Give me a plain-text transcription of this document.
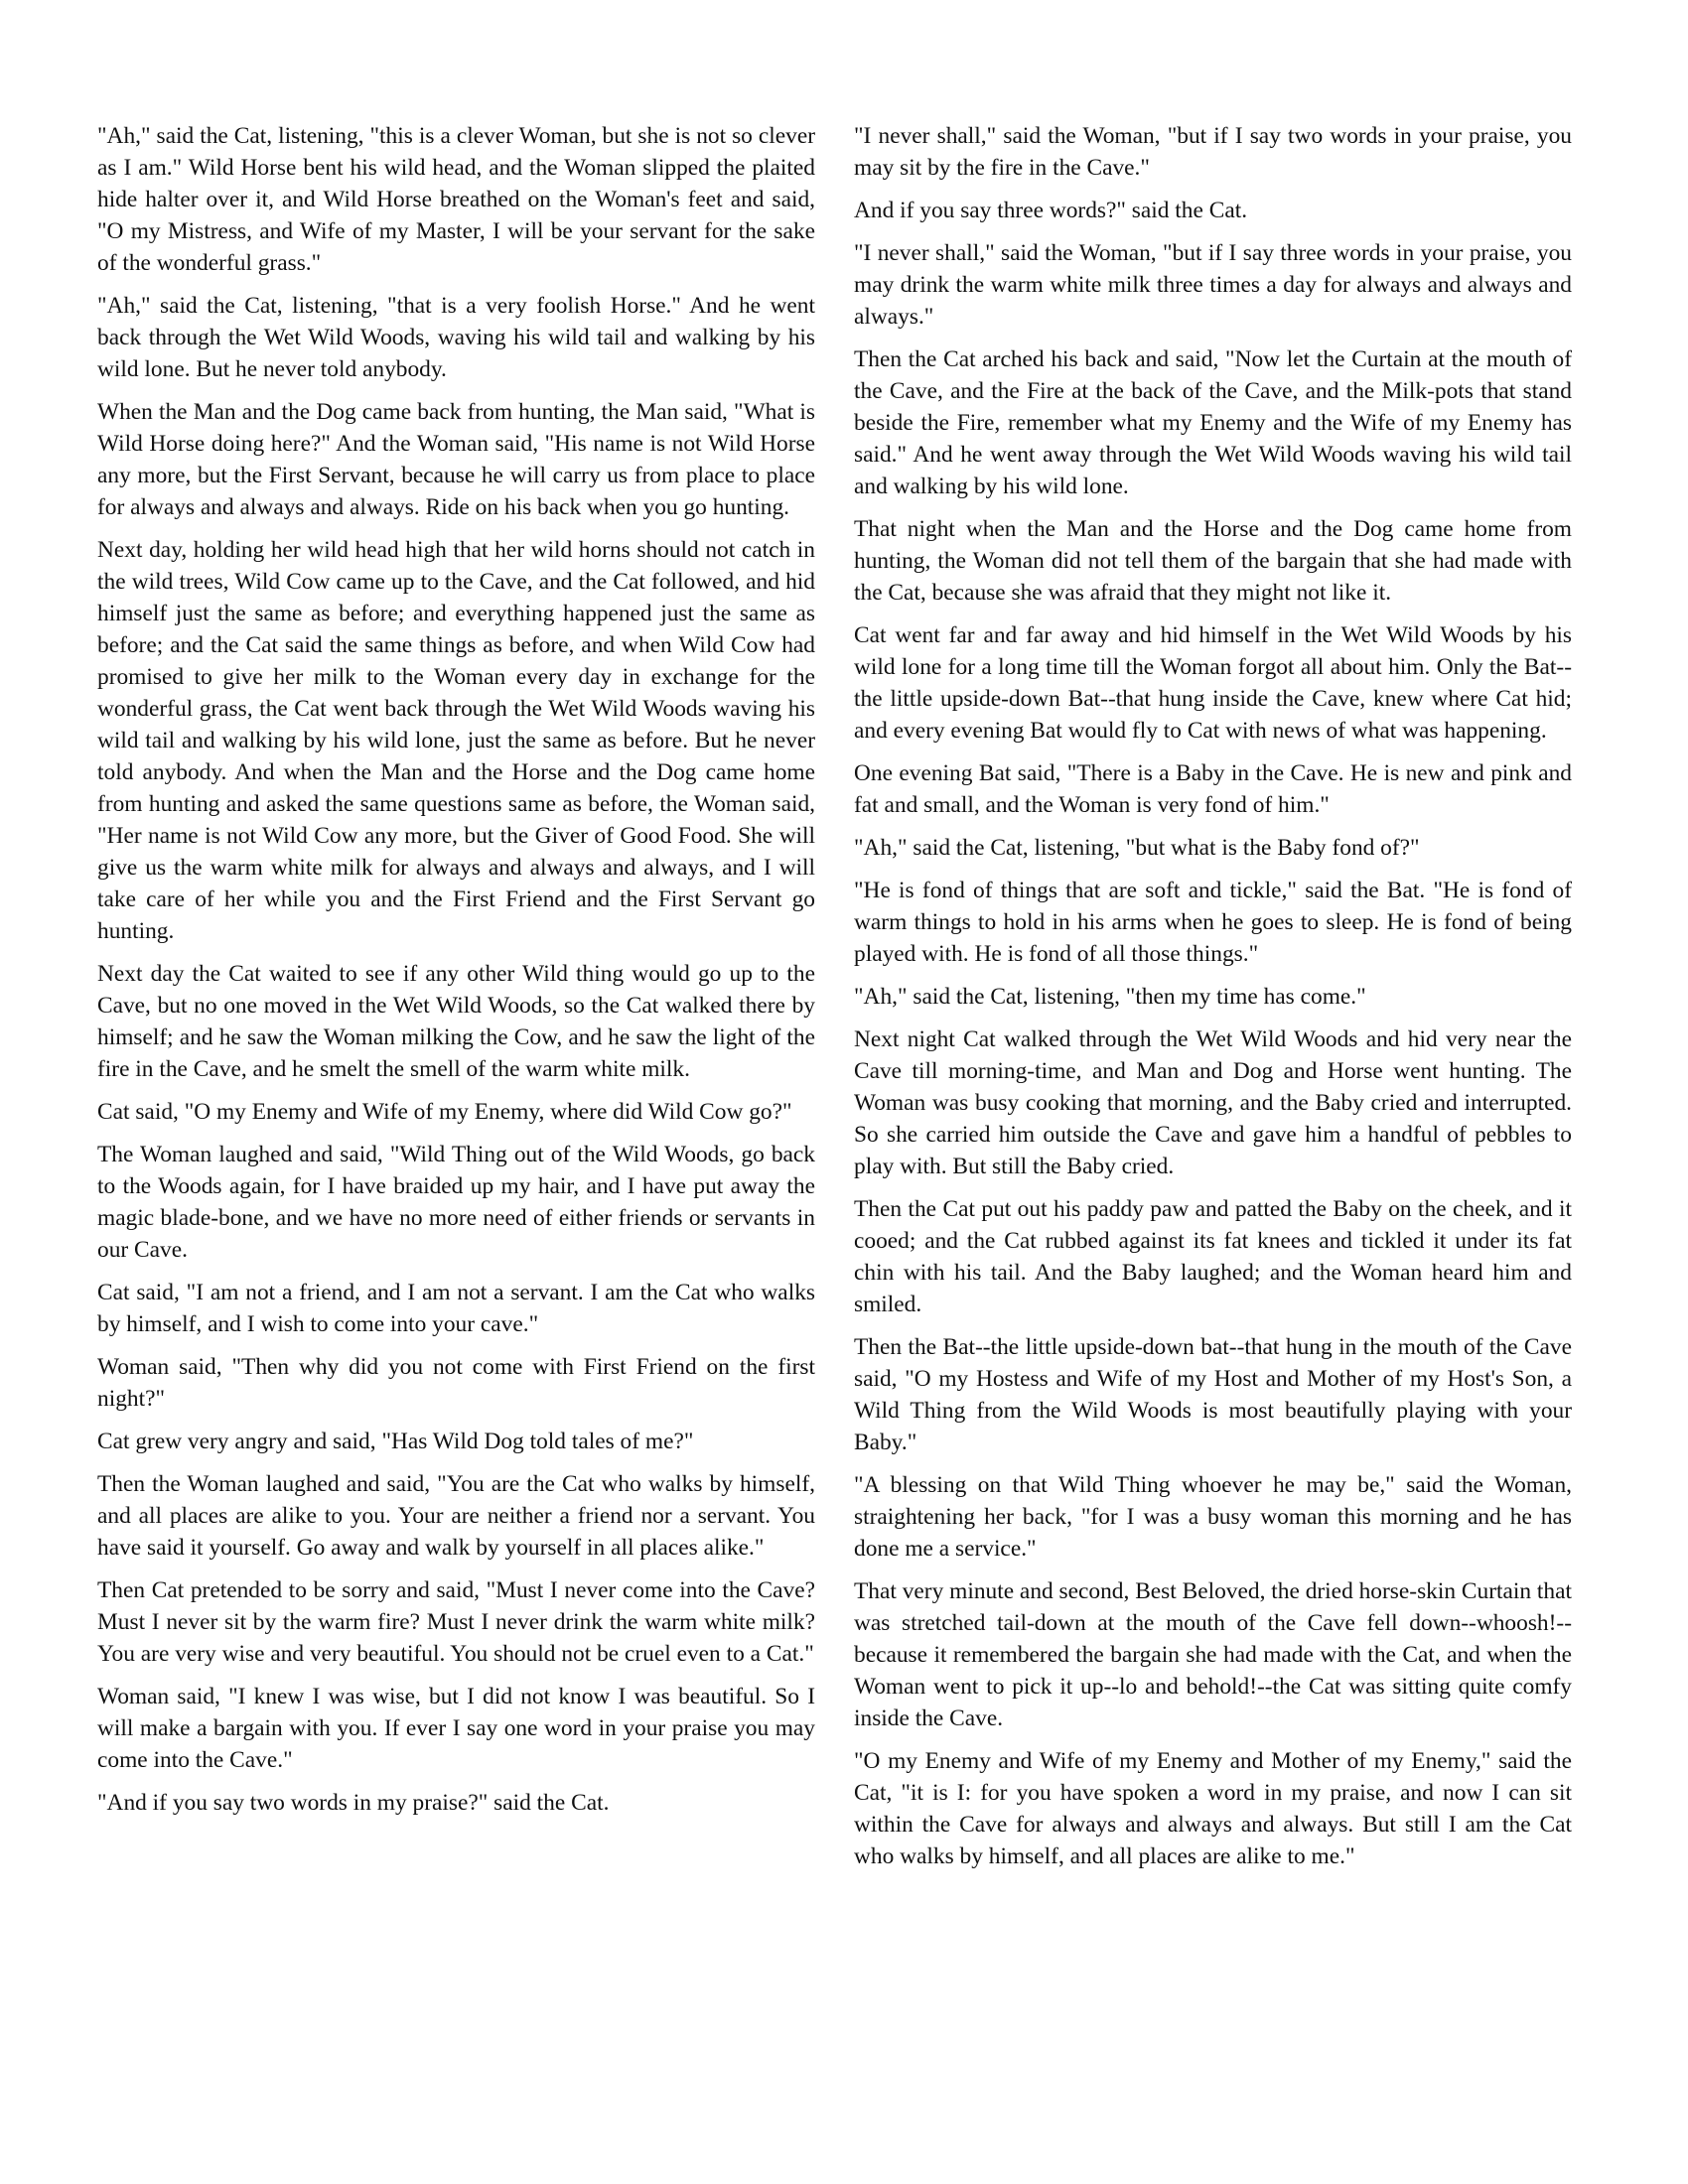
"Ah," said the Cat, listening, "this is a clever Woman, but she is not so clever as I am." Wild Horse bent his wild head, and the Woman slipped the plaited hide halter over it, and Wild Horse breathed on the Woman's feet and said, "O my Mistress, and Wife of my Master, I will be your servant for the sake of the wonderful grass."

"Ah," said the Cat, listening, "that is a very foolish Horse." And he went back through the Wet Wild Woods, waving his wild tail and walking by his wild lone. But he never told anybody.

When the Man and the Dog came back from hunting, the Man said, "What is Wild Horse doing here?" And the Woman said, "His name is not Wild Horse any more, but the First Servant, because he will carry us from place to place for always and always and always. Ride on his back when you go hunting.

Next day, holding her wild head high that her wild horns should not catch in the wild trees, Wild Cow came up to the Cave, and the Cat followed, and hid himself just the same as before; and everything happened just the same as before; and the Cat said the same things as before, and when Wild Cow had promised to give her milk to the Woman every day in exchange for the wonderful grass, the Cat went back through the Wet Wild Woods waving his wild tail and walking by his wild lone, just the same as before. But he never told anybody. And when the Man and the Horse and the Dog came home from hunting and asked the same questions same as before, the Woman said, "Her name is not Wild Cow any more, but the Giver of Good Food. She will give us the warm white milk for always and always and always, and I will take care of her while you and the First Friend and the First Servant go hunting.

Next day the Cat waited to see if any other Wild thing would go up to the Cave, but no one moved in the Wet Wild Woods, so the Cat walked there by himself; and he saw the Woman milking the Cow, and he saw the light of the fire in the Cave, and he smelt the smell of the warm white milk.

Cat said, "O my Enemy and Wife of my Enemy, where did Wild Cow go?"

The Woman laughed and said, "Wild Thing out of the Wild Woods, go back to the Woods again, for I have braided up my hair, and I have put away the magic blade-bone, and we have no more need of either friends or servants in our Cave.

Cat said, "I am not a friend, and I am not a servant. I am the Cat who walks by himself, and I wish to come into your cave."

Woman said, "Then why did you not come with First Friend on the first night?"

Cat grew very angry and said, "Has Wild Dog told tales of me?"

Then the Woman laughed and said, "You are the Cat who walks by himself, and all places are alike to you. Your are neither a friend nor a servant. You have said it yourself. Go away and walk by yourself in all places alike."

Then Cat pretended to be sorry and said, "Must I never come into the Cave? Must I never sit by the warm fire? Must I never drink the warm white milk? You are very wise and very beautiful. You should not be cruel even to a Cat."

Woman said, "I knew I was wise, but I did not know I was beautiful. So I will make a bargain with you. If ever I say one word in your praise you may come into the Cave."

"And if you say two words in my praise?" said the Cat.

"I never shall," said the Woman, "but if I say two words in your praise, you may sit by the fire in the Cave."

And if you say three words?" said the Cat.

"I never shall," said the Woman, "but if I say three words in your praise, you may drink the warm white milk three times a day for always and always and always."

Then the Cat arched his back and said, "Now let the Curtain at the mouth of the Cave, and the Fire at the back of the Cave, and the Milk-pots that stand beside the Fire, remember what my Enemy and the Wife of my Enemy has said." And he went away through the Wet Wild Woods waving his wild tail and walking by his wild lone.

That night when the Man and the Horse and the Dog came home from hunting, the Woman did not tell them of the bargain that she had made with the Cat, because she was afraid that they might not like it.

Cat went far and far away and hid himself in the Wet Wild Woods by his wild lone for a long time till the Woman forgot all about him. Only the Bat--the little upside-down Bat--that hung inside the Cave, knew where Cat hid; and every evening Bat would fly to Cat with news of what was happening.

One evening Bat said, "There is a Baby in the Cave. He is new and pink and fat and small, and the Woman is very fond of him."

"Ah," said the Cat, listening, "but what is the Baby fond of?"

"He is fond of things that are soft and tickle," said the Bat. "He is fond of warm things to hold in his arms when he goes to sleep. He is fond of being played with. He is fond of all those things."

"Ah," said the Cat, listening, "then my time has come."

Next night Cat walked through the Wet Wild Woods and hid very near the Cave till morning-time, and Man and Dog and Horse went hunting. The Woman was busy cooking that morning, and the Baby cried and interrupted. So she carried him outside the Cave and gave him a handful of pebbles to play with. But still the Baby cried.

Then the Cat put out his paddy paw and patted the Baby on the cheek, and it cooed; and the Cat rubbed against its fat knees and tickled it under its fat chin with his tail. And the Baby laughed; and the Woman heard him and smiled.

Then the Bat--the little upside-down bat--that hung in the mouth of the Cave said, "O my Hostess and Wife of my Host and Mother of my Host's Son, a Wild Thing from the Wild Woods is most beautifully playing with your Baby."

"A blessing on that Wild Thing whoever he may be," said the Woman, straightening her back, "for I was a busy woman this morning and he has done me a service."

That very minute and second, Best Beloved, the dried horse-skin Curtain that was stretched tail-down at the mouth of the Cave fell down--whoosh!--because it remembered the bargain she had made with the Cat, and when the Woman went to pick it up--lo and behold!--the Cat was sitting quite comfy inside the Cave.

"O my Enemy and Wife of my Enemy and Mother of my Enemy," said the Cat, "it is I: for you have spoken a word in my praise, and now I can sit within the Cave for always and always and always. But still I am the Cat who walks by himself, and all places are alike to me."
